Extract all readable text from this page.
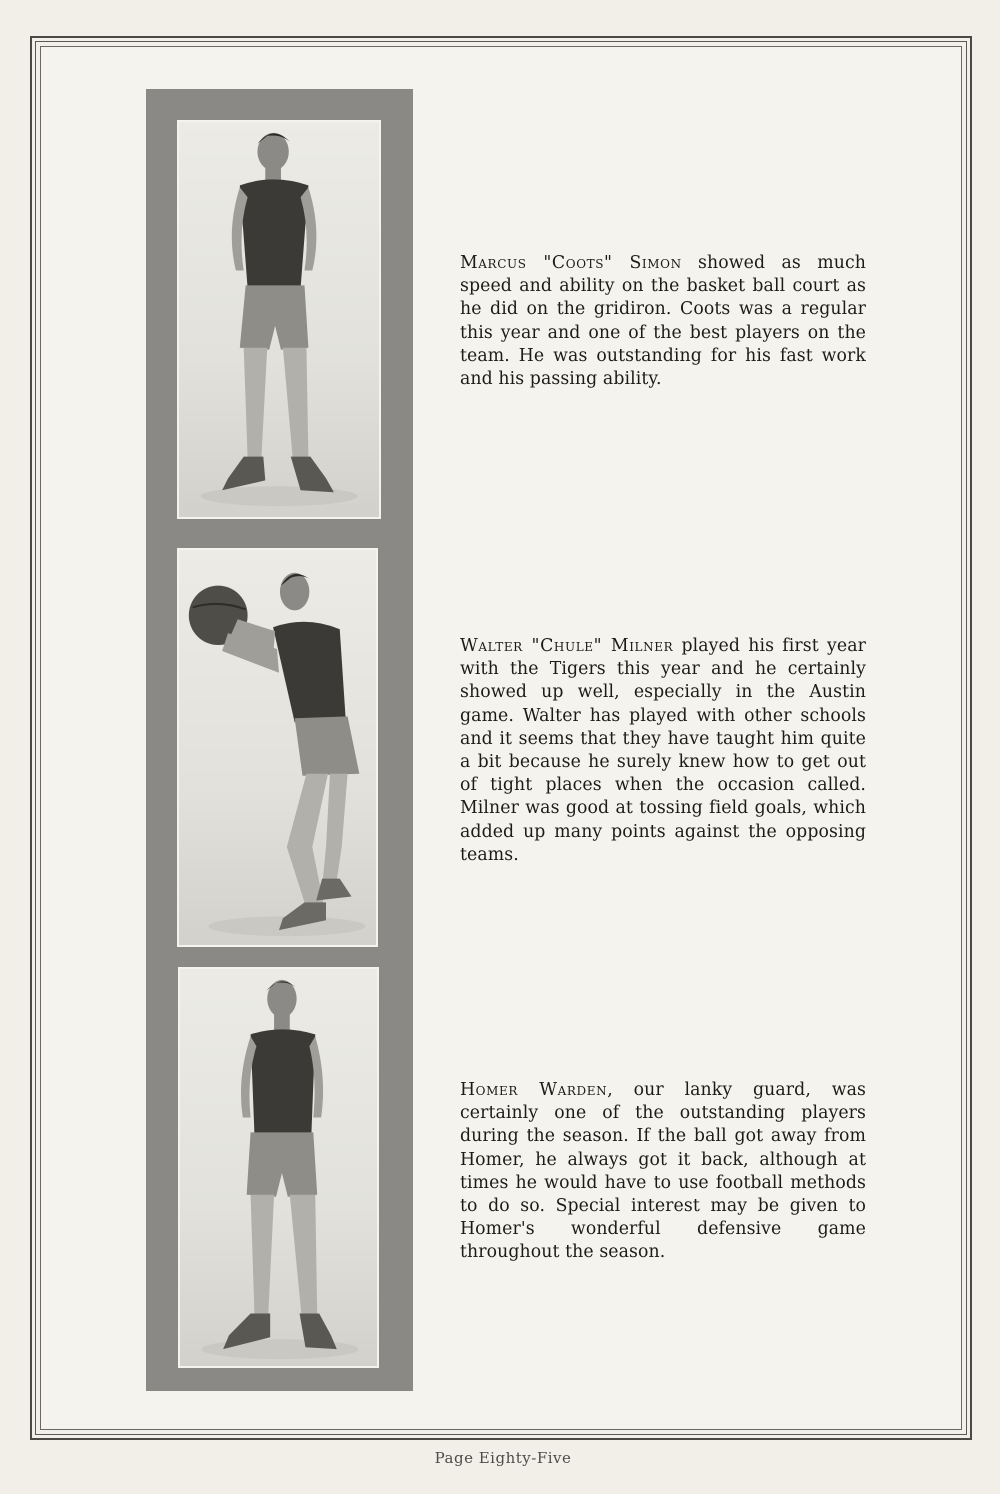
Marcus "Coots" Simon showed as much speed and ability on the basket ball court as he did on the gridiron. Coots was a regular this year and one of the best players on the team. He was outstanding for his fast work and his passing ability.

Walter "Chule" Milner played his first year with the Tigers this year and he certainly showed up well, especially in the Austin game. Walter has played with other schools and it seems that they have taught him quite a bit because he surely knew how to get out of tight places when the occasion called. Milner was good at tossing field goals, which added up many points against the opposing teams.

Homer Warden, our lanky guard, was certainly one of the outstanding players during the season. If the ball got away from Homer, he always got it back, although at times he would have to use football methods to do so. Special interest may be given to Homer's wonderful defensive game throughout the season.

Page Eighty-Five
